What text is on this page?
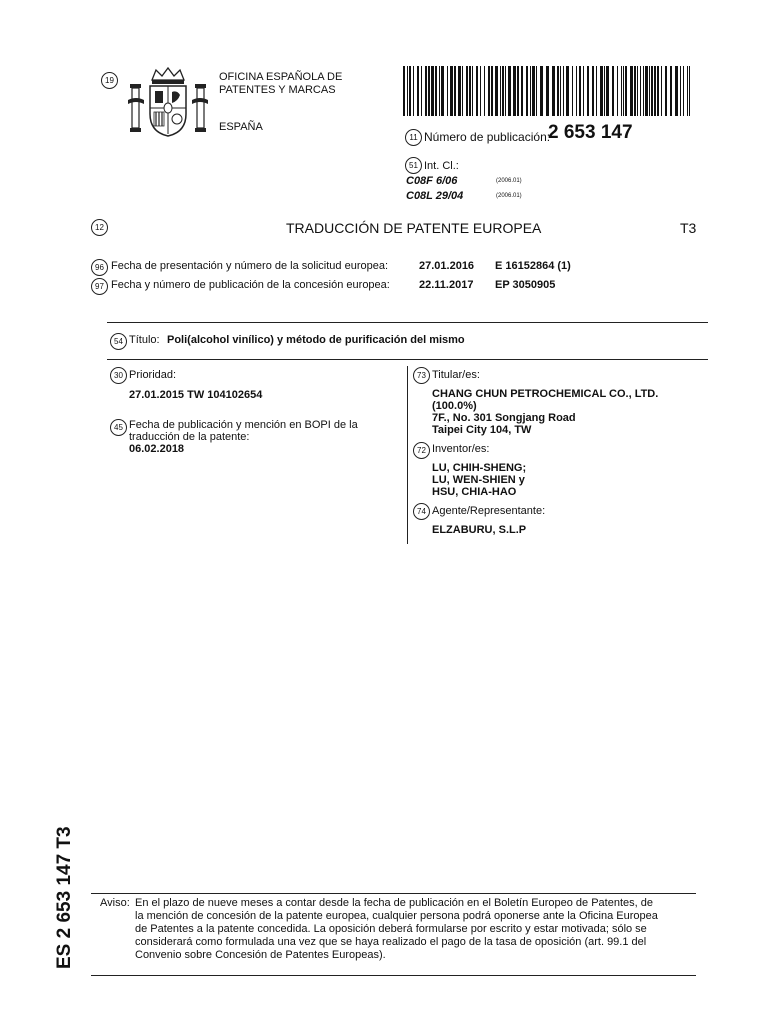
19	OFICINA ESPAÑOLA DE
PATENTES Y MARCAS
ESPAÑA
11 Número de publicación:
2 653 147
51 Int. Cl.:
C08F 6/06	(2006.01)
C08L 29/04	(2006.01)
12	TRADUCCIÓN DE PATENTE EUROPEA	T3
96 Fecha de presentación y número de la solicitud europea:	27.01.2016 E 16152864 (1)
97 Fecha y número de publicación de la concesión europea:	22.11.2017 EP 3050905
54 Título: Poli(alcohol vinílico) y método de purificación del mismo
30 Prioridad:
27.01.2015 TW 104102654
45 Fecha de publicación y mención en BOPI de la
traducción de la patente:
06.02.2018
73 Titular/es:
CHANG CHUN PETROCHEMICAL CO., LTD.
(100.0%)
7F., No. 301 Songjang Road
Taipei City 104, TW
72 Inventor/es:
LU, CHIH-SHENG;
LU, WEN-SHIEN y
HSU, CHIA-HAO
74 Agente/Representante:
ELZABURU, S.L.P
ES 2 653 147 T3 Aviso: En el plazo de nueve meses a contar desde la fecha de publicación en el Boletín Europeo de Patentes, de
la mención de concesión de la patente europea, cualquier persona podrá oponerse ante la Oficina Europea
de Patentes a la patente concedida. La oposición deberá formularse por escrito y estar motivada; sólo se
considerará como formulada una vez que se haya realizado el pago de la tasa de oposición (art. 99.1 del
Convenio sobre Concesión de Patentes Europeas).
